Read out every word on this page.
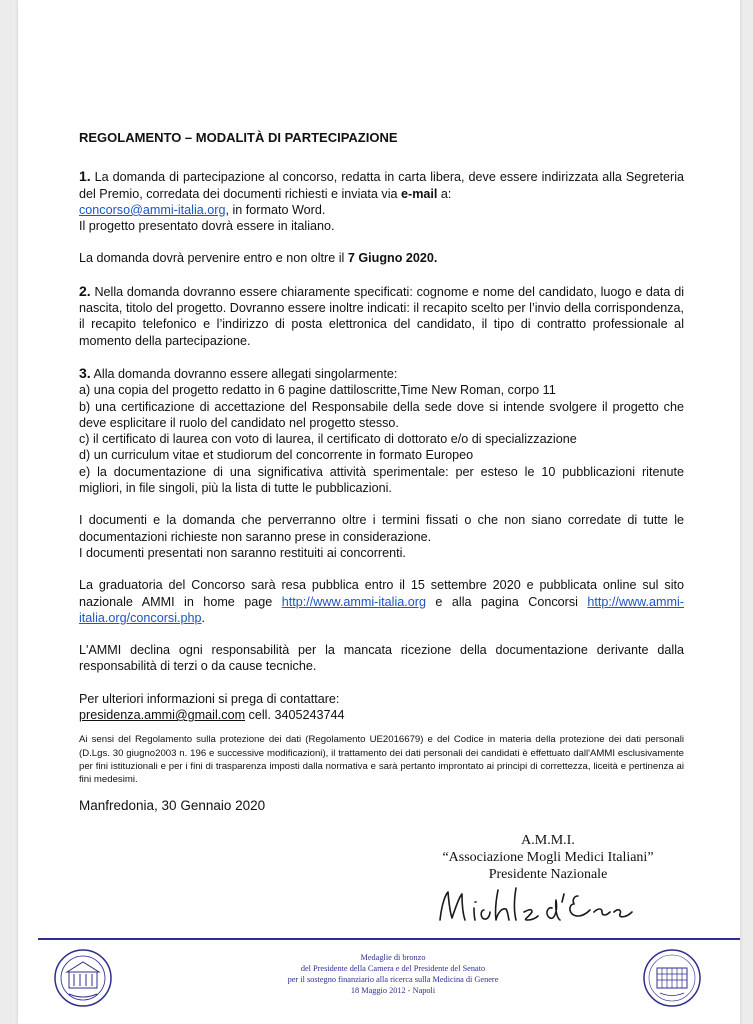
REGOLAMENTO – MODALITÀ DI PARTECIPAZIONE

1. La domanda di partecipazione al concorso, redatta in carta libera, deve essere indirizzata alla Segreteria del Premio, corredata dei documenti richiesti e inviata via e-mail a:
concorso@ammi-italia.org, in formato Word.

Il progetto presentato dovrà essere in italiano.

La domanda dovrà pervenire entro e non oltre il 7 Giugno 2020.

2. Nella domanda dovranno essere chiaramente specificati: cognome e nome del candidato, luogo e data di nascita, titolo del progetto. Dovranno essere inoltre indicati: il recapito scelto per l’invio della corrispondenza, il recapito telefonico e l’indirizzo di posta elettronica del candidato, il tipo di contratto professionale al momento della partecipazione.

3. Alla domanda dovranno essere allegati singolarmente:

a) una copia del progetto redatto in 6 pagine dattiloscritte,Time New Roman, corpo 11

b) una certificazione di accettazione del Responsabile della sede dove si intende svolgere il progetto che deve esplicitare il ruolo del candidato nel progetto stesso.

c) il certificato di laurea con voto di laurea, il certificato di dottorato e/o di specializzazione

d) un curriculum vitae et studiorum del concorrente in formato Europeo

e) la documentazione di una significativa attività sperimentale: per esteso le 10 pubblicazioni ritenute migliori, in file singoli, più la lista di tutte le pubblicazioni.

I documenti e la domanda che perverranno oltre i termini fissati o che non siano corredate di tutte le documentazioni richieste non saranno prese in considerazione.

I documenti presentati non saranno restituiti ai concorrenti.

La graduatoria del Concorso sarà resa pubblica entro il 15 settembre 2020 e pubblicata online sul sito nazionale AMMI in home page http://www.ammi-italia.org e alla pagina Concorsi http://www.ammi-italia.org/concorsi.php.

L'AMMI declina ogni responsabilità per la mancata ricezione della documentazione derivante dalla responsabilità di terzi o da cause tecniche.

Per ulteriori informazioni si prega di contattare:

presidenza.ammi@gmail.com cell. 3405243744

Ai sensi del Regolamento sulla protezione dei dati (Regolamento UE2016679) e del Codice in materia della protezione dei dati personali (D.Lgs. 30 giugno2003 n. 196 e successive modificazioni), il trattamento dei dati personali dei candidati è effettuato dall'AMMI esclusivamente per fini istituzionali e per i fini di trasparenza imposti dalla normativa e sarà pertanto improntato ai principi di correttezza, liceità e pertinenza ai fini medesimi.

Manfredonia, 30 Gennaio 2020

A.M.M.I.
“Associazione Mogli Medici Italiani”
Presidente Nazionale
Medaglie di bronzo
del Presidente della Camera e del Presidente del Senato
per il sostegno finanziario alla ricerca sulla Medicina di Genere
18 Maggio 2012 - Napoli
